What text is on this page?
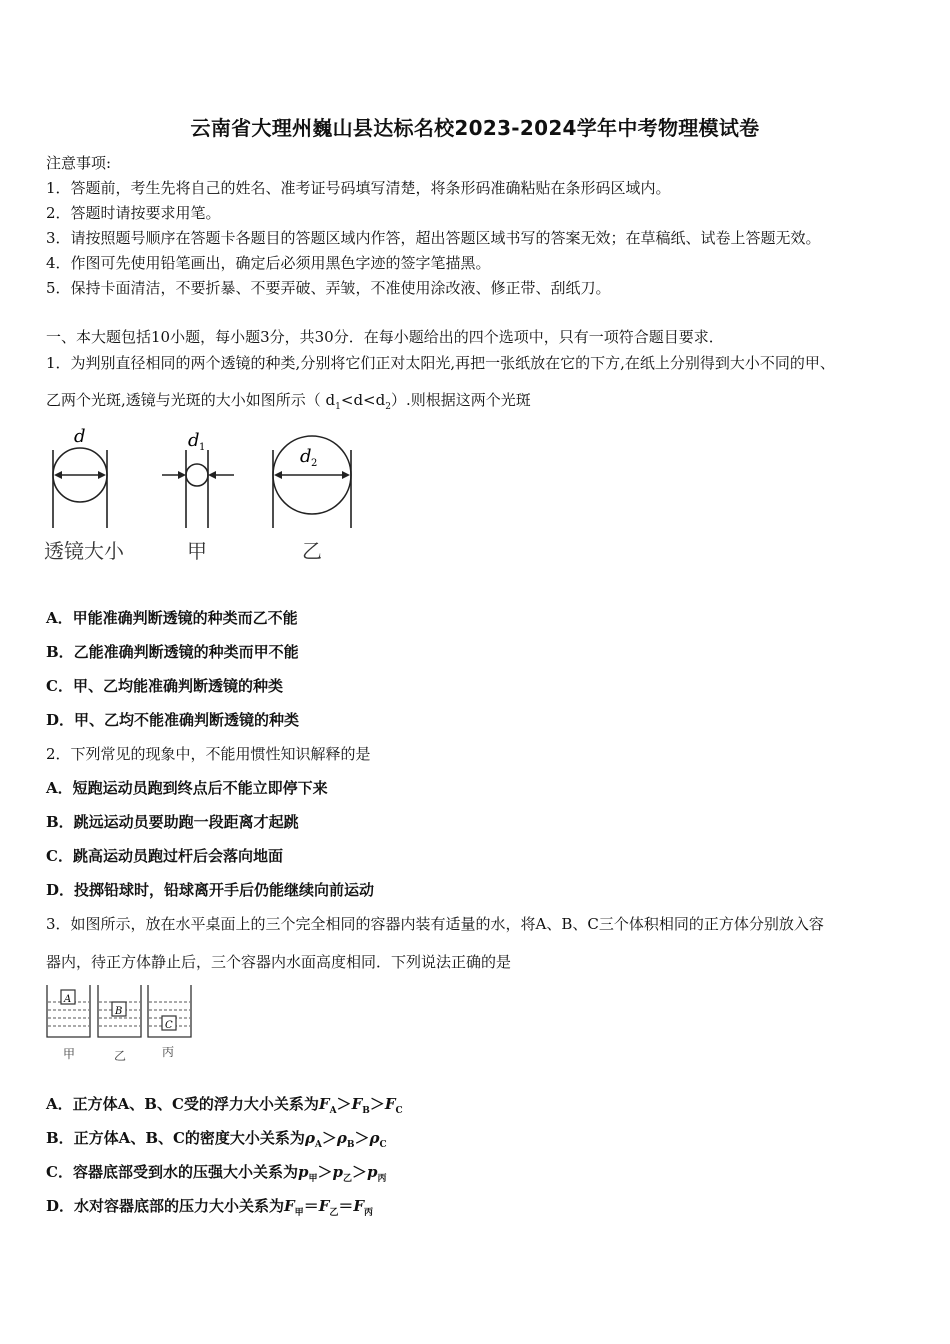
云南省大理州巍山县达标名校2023-2024学年中考物理模试卷
注意事项:
1．答题前，考生先将自己的姓名、准考证号码填写清楚，将条形码准确粘贴在条形码区域内。
2．答题时请按要求用笔。
3．请按照题号顺序在答题卡各题目的答题区域内作答，超出答题区域书写的答案无效；在草稿纸、试卷上答题无效。
4．作图可先使用铅笔画出，确定后必须用黑色字迹的签字笔描黑。
5．保持卡面清洁，不要折暴、不要弄破、弄皱，不准使用涂改液、修正带、刮纸刀。
一、本大题包括10小题，每小题3分，共30分．在每小题给出的四个选项中，只有一项符合题目要求．
1．为判别直径相同的两个透镜的种类,分别将它们正对太阳光,再把一张纸放在它的下方,在纸上分别得到大小不同的甲、
乙两个光斑,透镜与光斑的大小如图所示（ $d_1<d<d_2$）.则根据这两个光斑
d	d 1	d 2
透镜大小	甲	乙
A．甲能准确判断透镜的种类而乙不能
B．乙能准确判断透镜的种类而甲不能
C．甲、乙均能准确判断透镜的种类
D．甲、乙均不能准确判断透镜的种类
2．下列常见的现象中，不能用惯性知识解释的是
A．短跑运动员跑到终点后不能立即停下来
B．跳远运动员要助跑一段距离才起跳
C．跳高运动员跑过杆后会落向地面
D．投掷铅球时，铅球离开手后仍能继续向前运动
3．如图所示，放在水平桌面上的三个完全相同的容器内装有适量的水，将A、B、C三个体积相同的正方体分别放入容
器内，待正方体静止后，三个容器内水面高度相同．下列说法正确的是
A
B
C
甲	乙	丙
A．正方体A、B、C受的浮力大小关系为$F_A>F_B>F_C$
B．正方体A、B、C的密度大小关系为$\rho_A>\rho_B>\rho_C$
C．容器底部受到水的压强大小关系为$p_甲>p_乙>p_丙$
D．水对容器底部的压力大小关系为$F_甲=F_乙=F_丙$
